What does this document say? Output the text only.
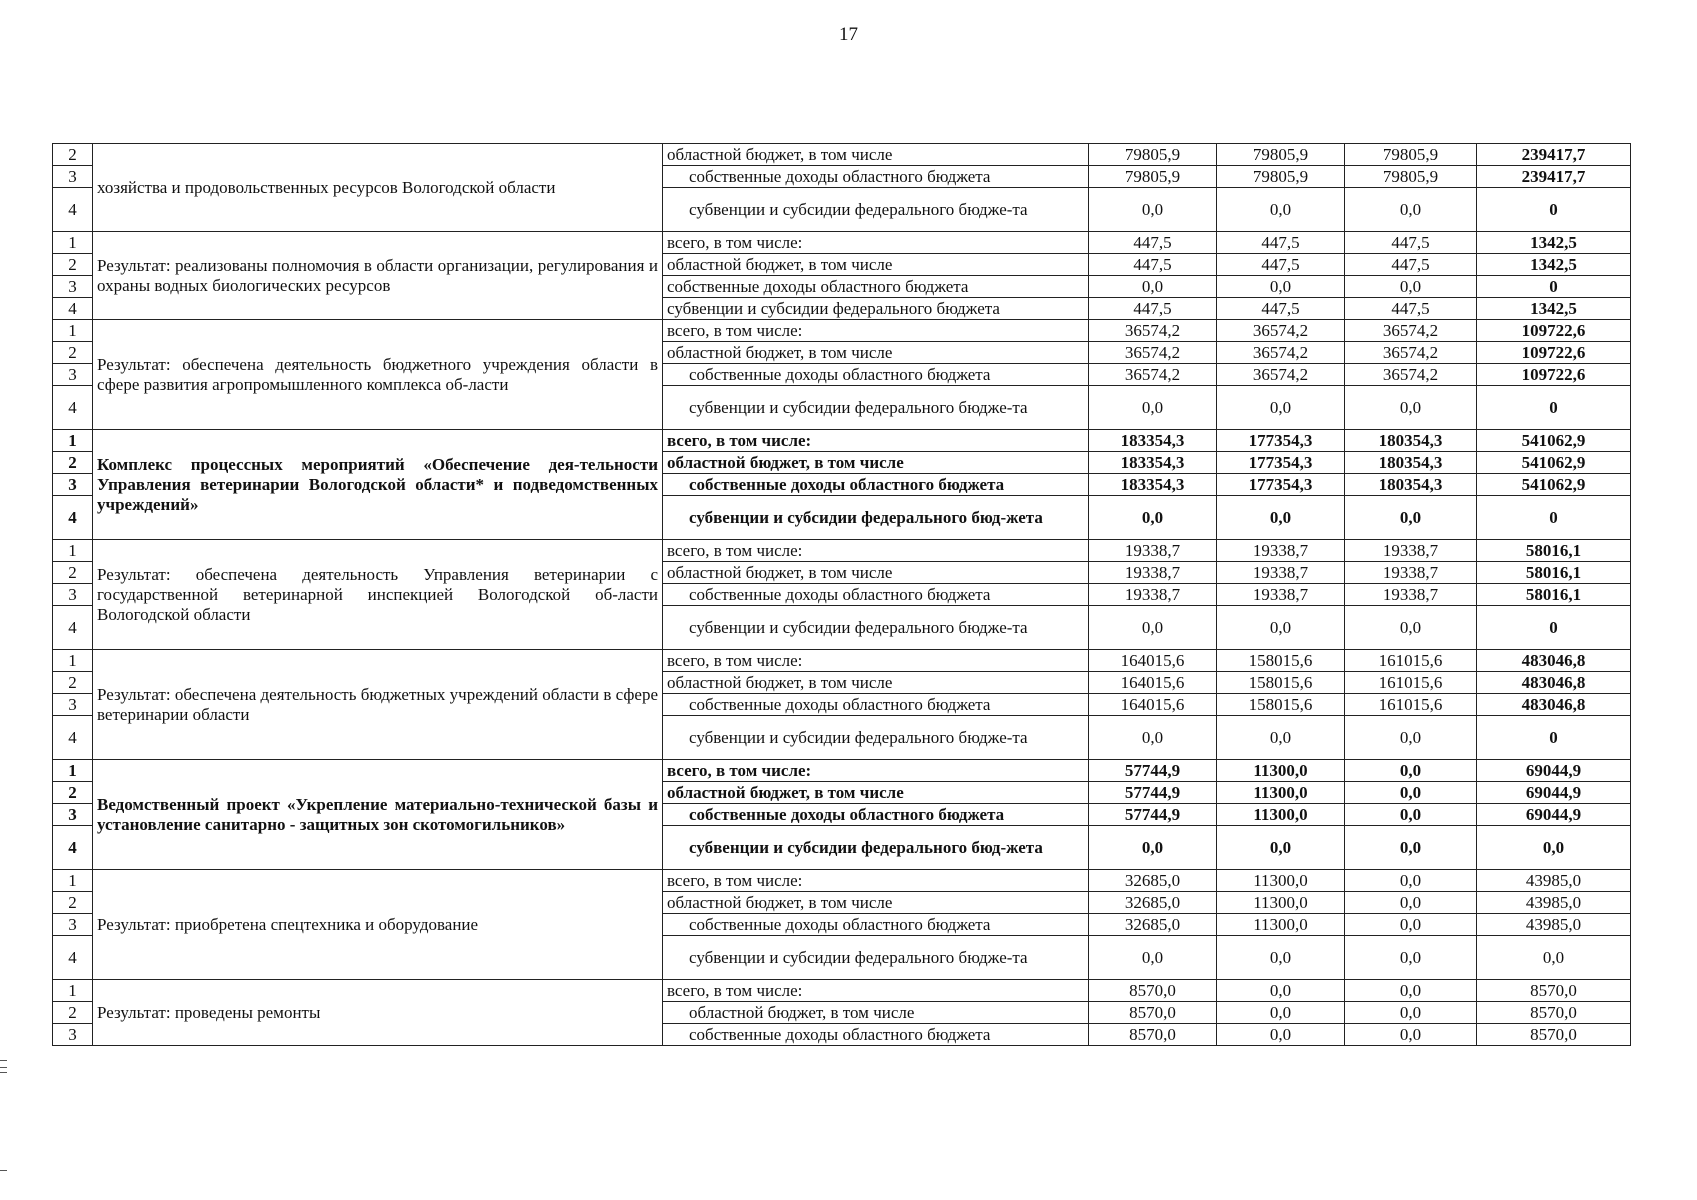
17
2	хозяйства и продовольственных ресурсов Вологодской области	областной бюджет, в том числе	79805,9	79805,9	79805,9	239417,7
3		собственные доходы областного бюджета	79805,9	79805,9	79805,9	239417,7
4		субвенции и субсидии федерального бюдже-та	0,0	0,0	0,0	0
1	Результат: реализованы полномочия в области организации, регулирования и охраны водных биологических ресурсов	всего, в том числе:	447,5	447,5	447,5	1342,5
2		областной бюджет, в том числе	447,5	447,5	447,5	1342,5
3		собственные доходы областного бюджета	0,0	0,0	0,0	0
4		субвенции и субсидии федерального бюджета	447,5	447,5	447,5	1342,5
1	Результат: обеспечена деятельность бюджетного учреждения области в сфере развития агропромышленного комплекса об-ласти	всего, в том числе:	36574,2	36574,2	36574,2	109722,6
2		областной бюджет, в том числе	36574,2	36574,2	36574,2	109722,6
3		собственные доходы областного бюджета	36574,2	36574,2	36574,2	109722,6
4		субвенции и субсидии федерального бюдже-та	0,0	0,0	0,0	0
1	Комплекс процессных мероприятий «Обеспечение дея-тельности Управления ветеринарии Вологодской области* и подведомственных учреждений»	всего, в том числе:	183354,3	177354,3	180354,3	541062,9
2		областной бюджет, в том числе	183354,3	177354,3	180354,3	541062,9
3		собственные доходы областного бюджета	183354,3	177354,3	180354,3	541062,9
4		субвенции и субсидии федерального бюд-жета	0,0	0,0	0,0	0
1	Результат: обеспечена деятельность Управления ветеринарии с государственной ветеринарной инспекцией Вологодской об-ласти Вологодской области	всего, в том числе:	19338,7	19338,7	19338,7	58016,1
2		областной бюджет, в том числе	19338,7	19338,7	19338,7	58016,1
3		собственные доходы областного бюджета	19338,7	19338,7	19338,7	58016,1
4		субвенции и субсидии федерального бюдже-та	0,0	0,0	0,0	0
1	Результат: обеспечена деятельность бюджетных учреждений области в сфере ветеринарии области	всего, в том числе:	164015,6	158015,6	161015,6	483046,8
2		областной бюджет, в том числе	164015,6	158015,6	161015,6	483046,8
3		собственные доходы областного бюджета	164015,6	158015,6	161015,6	483046,8
4		субвенции и субсидии федерального бюдже-та	0,0	0,0	0,0	0
1	Ведомственный проект «Укрепление материально-технической базы и установление санитарно - защитных зон скотомогильников»	всего, в том числе:	57744,9	11300,0	0,0	69044,9
2		областной бюджет, в том числе	57744,9	11300,0	0,0	69044,9
3		собственные доходы областного бюджета	57744,9	11300,0	0,0	69044,9
4		субвенции и субсидии федерального бюд-жета	0,0	0,0	0,0	0,0
1	Результат: приобретена спецтехника и оборудование	всего, в том числе:	32685,0	11300,0	0,0	43985,0
2		областной бюджет, в том числе	32685,0	11300,0	0,0	43985,0
3		собственные доходы областного бюджета	32685,0	11300,0	0,0	43985,0
4		субвенции и субсидии федерального бюдже-та	0,0	0,0	0,0	0,0
1	Результат: проведены ремонты	всего, в том числе:	8570,0	0,0	0,0	8570,0
2		областной бюджет, в том числе	8570,0	0,0	0,0	8570,0
3		собственные доходы областного бюджета	8570,0	0,0	0,0	8570,0
